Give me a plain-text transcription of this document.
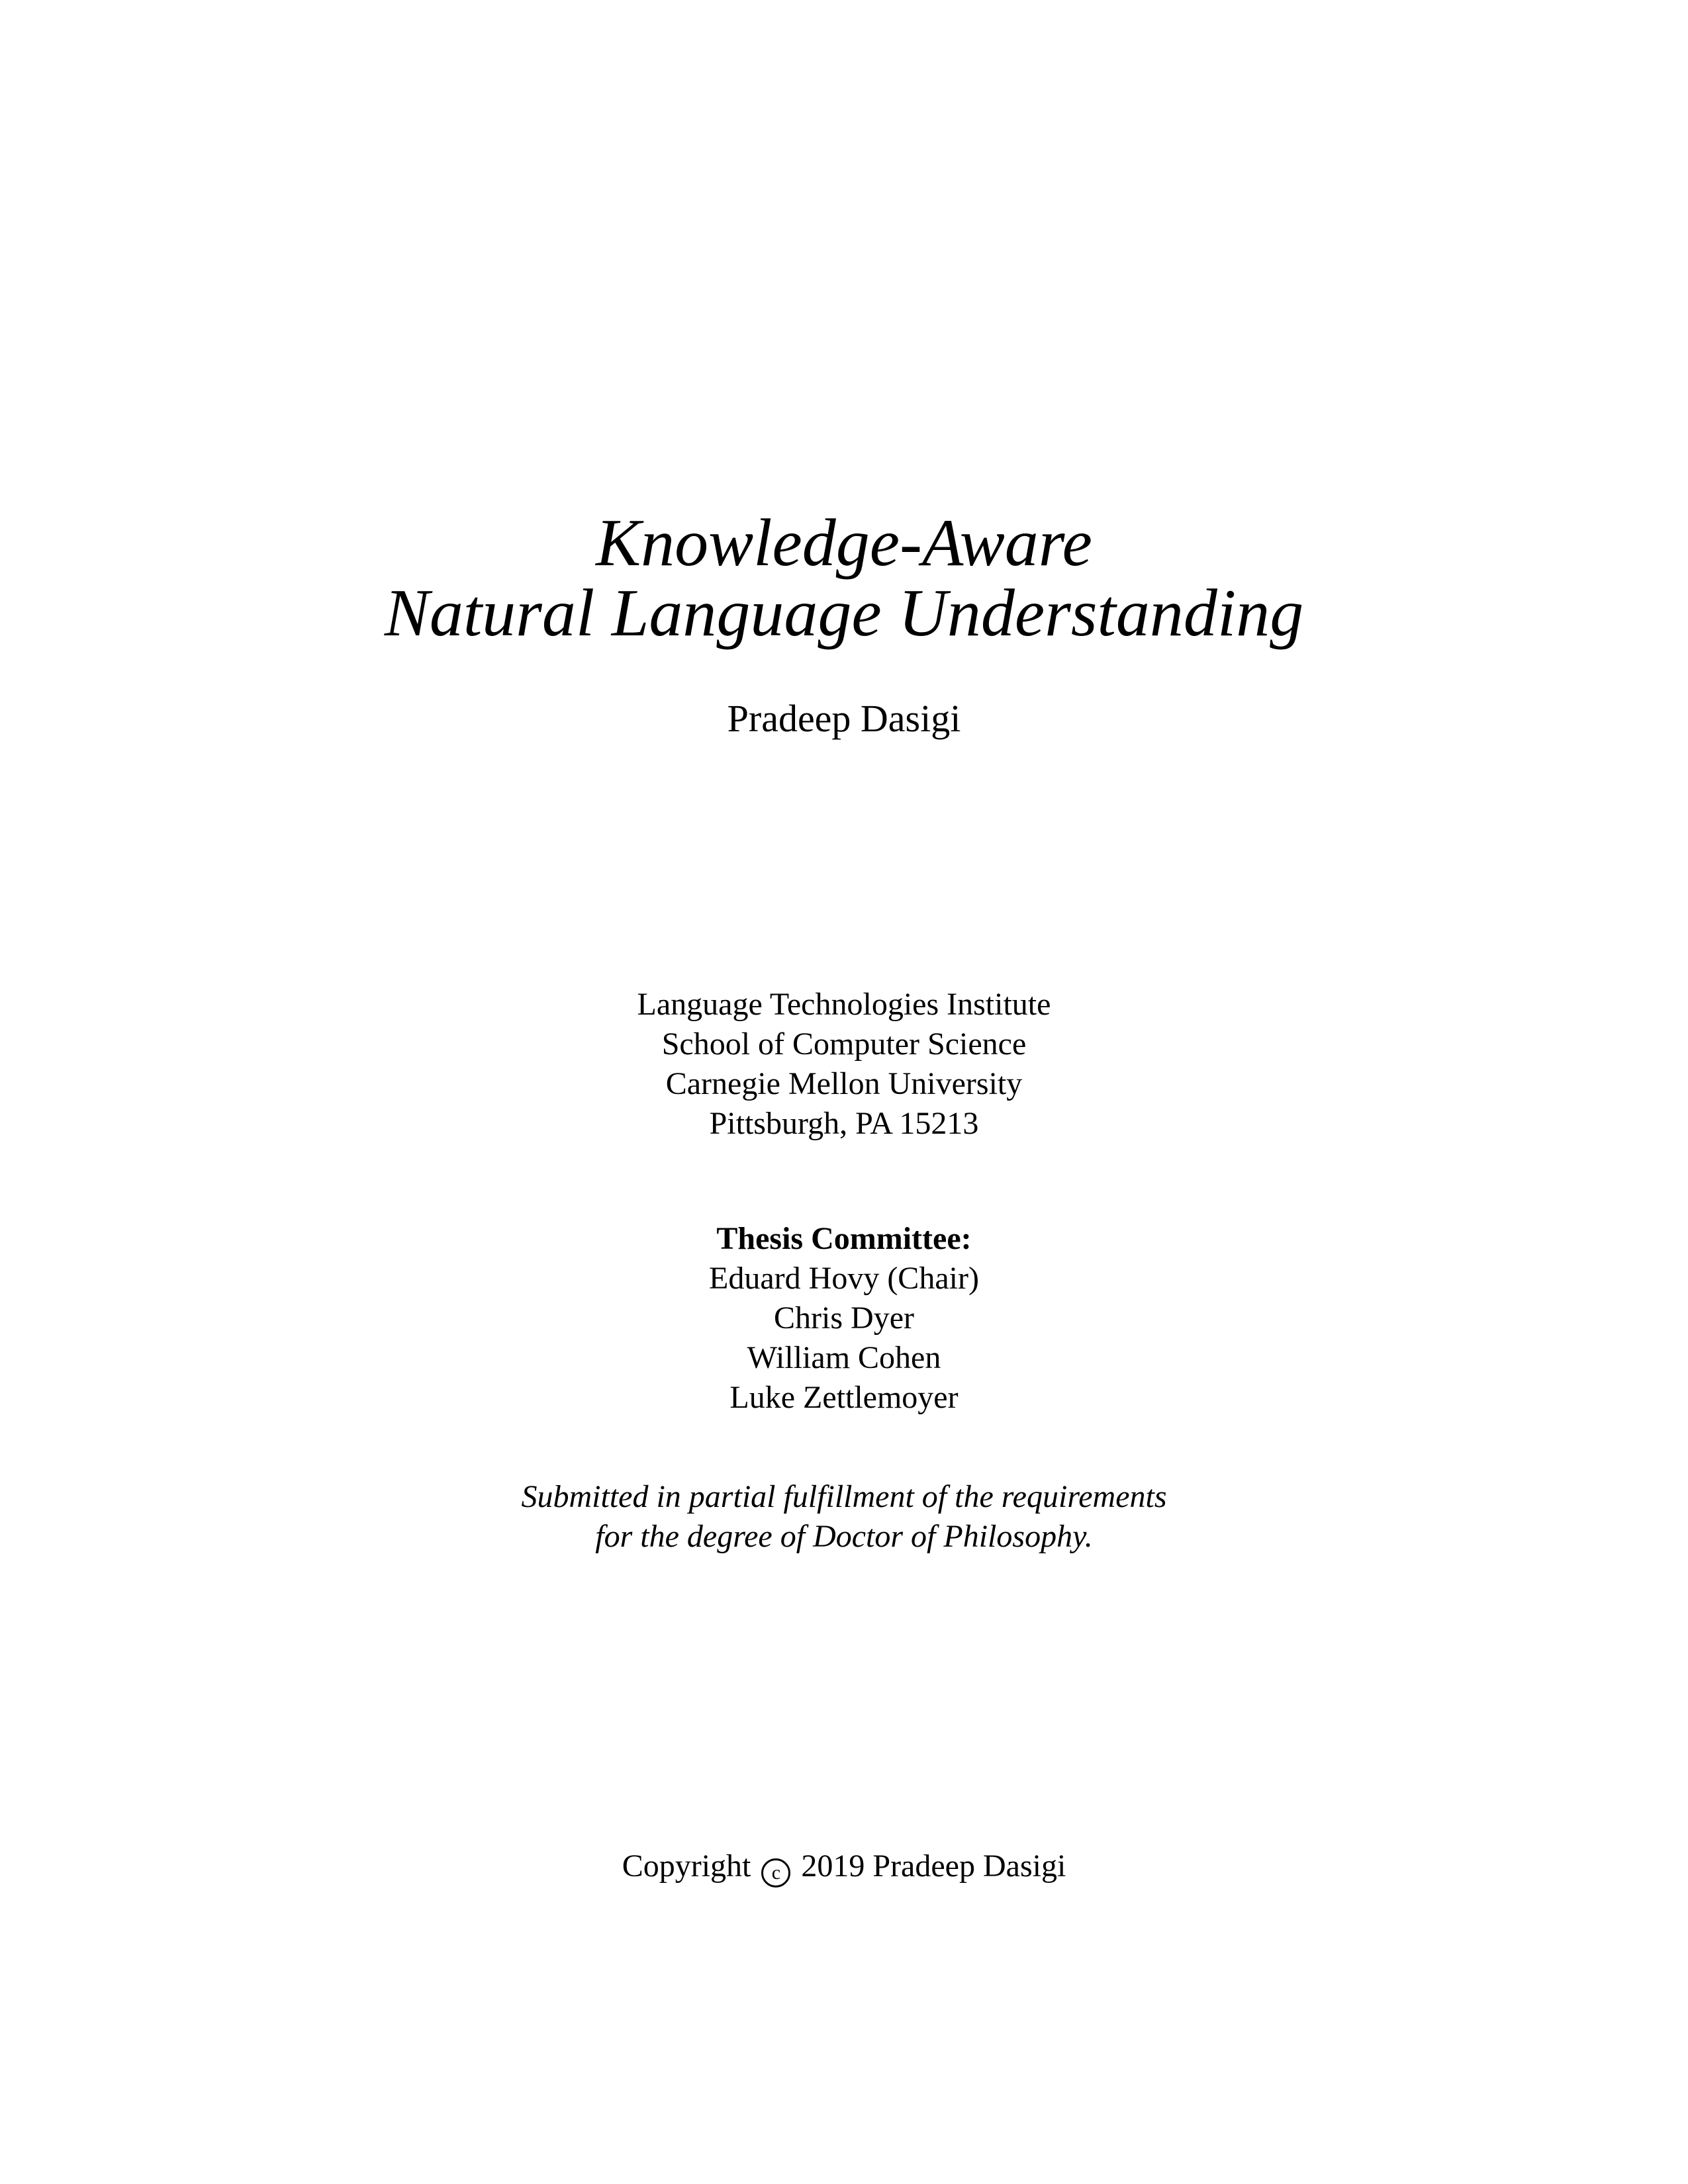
Knowledge-Aware
Natural Language Understanding
Pradeep Dasigi
Language Technologies Institute
School of Computer Science
Carnegie Mellon University
Pittsburgh, PA 15213
Thesis Committee:
Eduard Hovy (Chair)
Chris Dyer
William Cohen
Luke Zettlemoyer
Submitted in partial fulfillment of the requirements
for the degree of Doctor of Philosophy.
Copyright c 2019 Pradeep Dasigi
